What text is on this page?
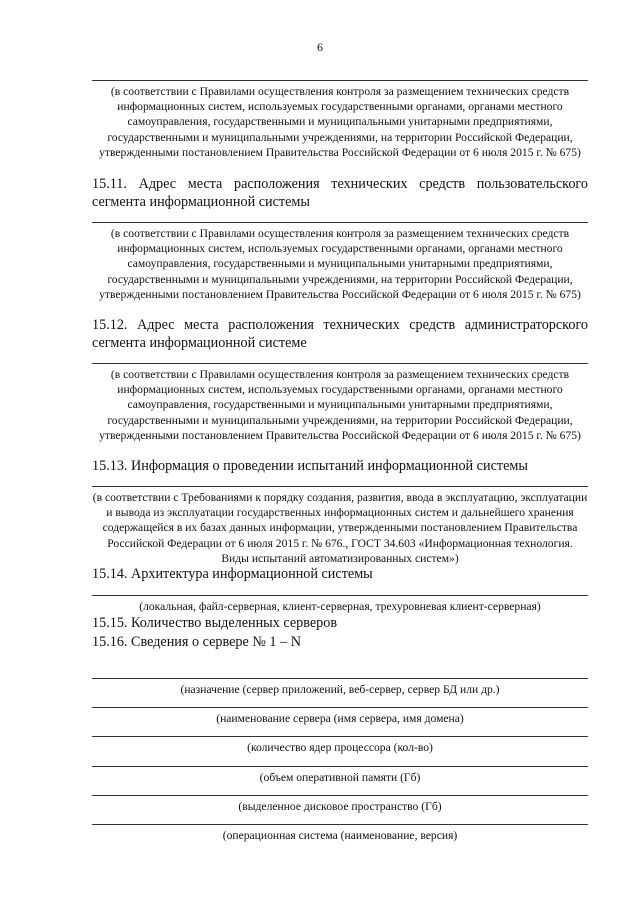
6
(в соответствии с Правилами осуществления контроля за размещением технических средств информационных систем, используемых государственными органами, органами местного самоуправления, государственными и муниципальными унитарными предприятиями, государственными и муниципальными учреждениями, на территории Российской Федерации, утвержденными постановлением Правительства Российской Федерации от 6 июля 2015 г. № 675)
15.11. Адрес места расположения технических средств пользовательского сегмента информационной системы
(в соответствии с Правилами осуществления контроля за размещением технических средств информационных систем, используемых государственными органами, органами местного самоуправления, государственными и муниципальными унитарными предприятиями, государственными и муниципальными учреждениями, на территории Российской Федерации, утвержденными постановлением Правительства Российской Федерации от 6 июля 2015 г. № 675)
15.12. Адрес места расположения технических средств администраторского сегмента информационной системе
(в соответствии с Правилами осуществления контроля за размещением технических средств информационных систем, используемых государственными органами, органами местного самоуправления, государственными и муниципальными унитарными предприятиями, государственными и муниципальными учреждениями, на территории Российской Федерации, утвержденными постановлением Правительства Российской Федерации от 6 июля 2015 г. № 675)
15.13. Информация о проведении испытаний информационной системы
(в соответствии с Требованиями к порядку создания, развития, ввода в эксплуатацию, эксплуатации и вывода из эксплуатации государственных информационных систем и дальнейшего хранения содержащейся в их базах данных информации, утвержденными постановлением Правительства Российской Федерации от 6 июля 2015 г. № 676., ГОСТ 34.603 «Информационная технология. Виды испытаний автоматизированных систем»)
15.14. Архитектура информационной системы
(локальная, файл-серверная, клиент-серверная, трехуровневая клиент-серверная)
15.15. Количество выделенных серверов
15.16. Сведения о сервере № 1 – N
(назначение (сервер приложений, веб-сервер, сервер БД или др.)
(наименование сервера (имя сервера, имя домена)
(количество ядер процессора (кол-во)
(объем оперативной памяти (Гб)
(выделенное дисковое пространство (Гб)
(операционная система (наименование, версия)
